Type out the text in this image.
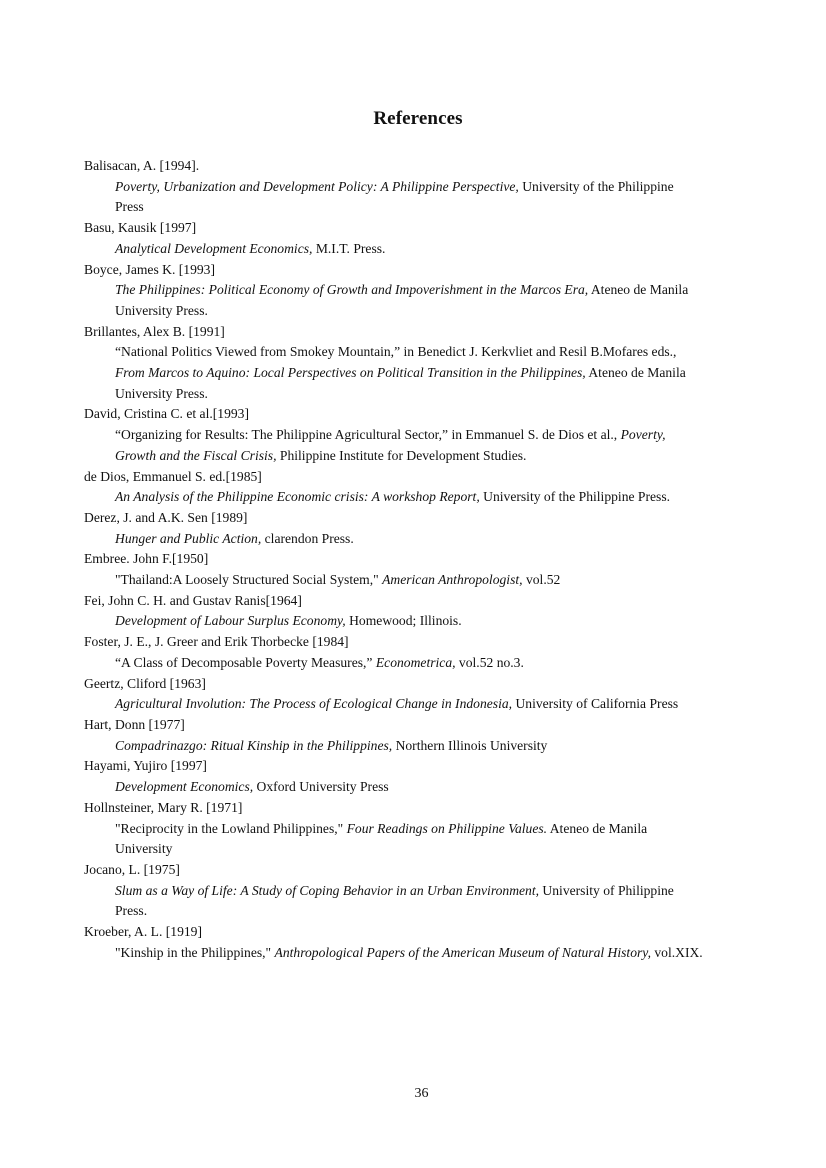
References
Balisacan, A. [1994].
Poverty, Urbanization and Development Policy: A Philippine Perspective, University of the Philippine Press
Basu, Kausik [1997]
Analytical Development Economics, M.I.T. Press.
Boyce, James K. [1993]
The Philippines: Political Economy of Growth and Impoverishment in the Marcos Era, Ateneo de Manila University Press.
Brillantes, Alex B. [1991]
“National Politics Viewed from Smokey Mountain,” in Benedict J. Kerkvliet and Resil B.Mofares eds., From Marcos to Aquino: Local Perspectives on Political Transition in the Philippines, Ateneo de Manila University Press.
David, Cristina C. et al.[1993]
“Organizing for Results: The Philippine Agricultural Sector,” in Emmanuel S. de Dios et al., Poverty, Growth and the Fiscal Crisis, Philippine Institute for Development Studies.
de Dios, Emmanuel S. ed.[1985]
An Analysis of the Philippine Economic crisis: A workshop Report, University of the Philippine Press.
Derez, J. and A.K. Sen [1989]
Hunger and Public Action, clarendon Press.
Embree. John F.[1950]
"Thailand:A Loosely Structured Social System," American Anthropologist, vol.52
Fei, John C. H. and Gustav Ranis[1964]
Development of Labour Surplus Economy, Homewood; Illinois.
Foster, J. E., J. Greer and Erik Thorbecke [1984]
“A Class of Decomposable Poverty Measures,” Econometrica, vol.52 no.3.
Geertz, Cliford [1963]
Agricultural Involution: The Process of Ecological Change in Indonesia, University of California Press
Hart, Donn [1977]
Compadrinazgo: Ritual Kinship in the Philippines, Northern Illinois University
Hayami, Yujiro [1997]
Development Economics, Oxford University Press
Hollnsteiner, Mary R. [1971]
"Reciprocity in the Lowland Philippines," Four Readings on Philippine Values. Ateneo de Manila University
Jocano, L. [1975]
Slum as a Way of Life: A Study of Coping Behavior in an Urban Environment, University of Philippine Press.
Kroeber, A. L. [1919]
"Kinship in the Philippines," Anthropological Papers of the American Museum of Natural History, vol.XIX.
36
